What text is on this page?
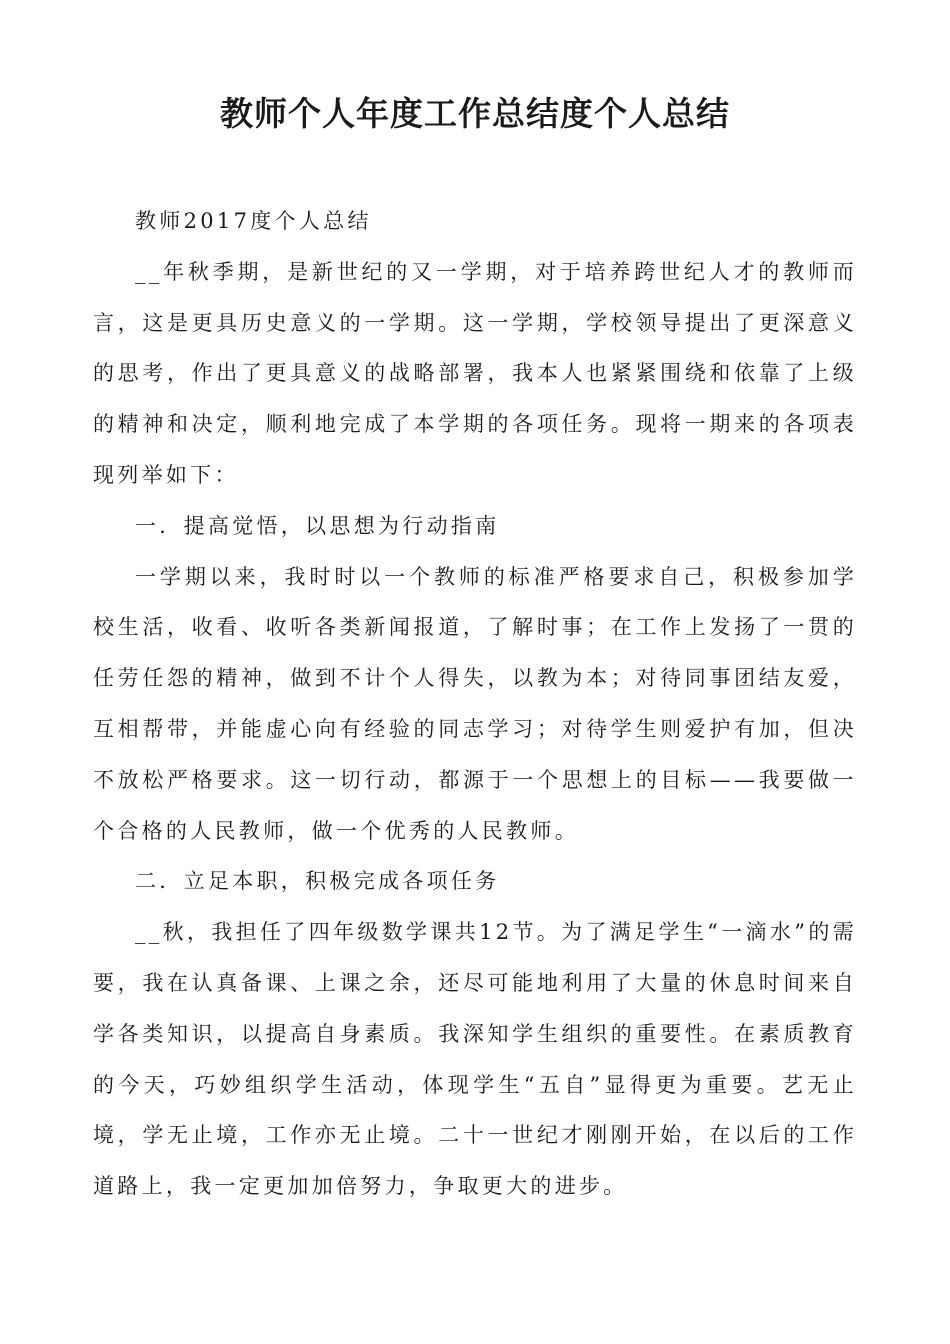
教师个人年度工作总结度个人总结

教师2017度个人总结

__年秋季期，是新世纪的又一学期，对于培养跨世纪人才的教师而言，这是更具历史意义的一学期。这一学期，学校领导提出了更深意义的思考，作出了更具意义的战略部署，我本人也紧紧围绕和依靠了上级的精神和决定，顺利地完成了本学期的各项任务。现将一期来的各项表现列举如下：

一．提高觉悟，以思想为行动指南

一学期以来，我时时以一个教师的标准严格要求自己，积极参加学校生活，收看、收听各类新闻报道，了解时事；在工作上发扬了一贯的任劳任怨的精神，做到不计个人得失，以教为本；对待同事团结友爱，互相帮带，并能虚心向有经验的同志学习；对待学生则爱护有加，但决不放松严格要求。这一切行动，都源于一个思想上的目标——我要做一个合格的人民教师，做一个优秀的人民教师。

二．立足本职，积极完成各项任务

__秋，我担任了四年级数学课共12节。为了满足学生“一滴水”的需要，我在认真备课、上课之余，还尽可能地利用了大量的休息时间来自学各类知识，以提高自身素质。我深知学生组织的重要性。在素质教育的今天，巧妙组织学生活动，体现学生“五自”显得更为重要。艺无止境，学无止境，工作亦无止境。二十一世纪才刚刚开始，在以后的工作道路上，我一定更加加倍努力，争取更大的进步。
